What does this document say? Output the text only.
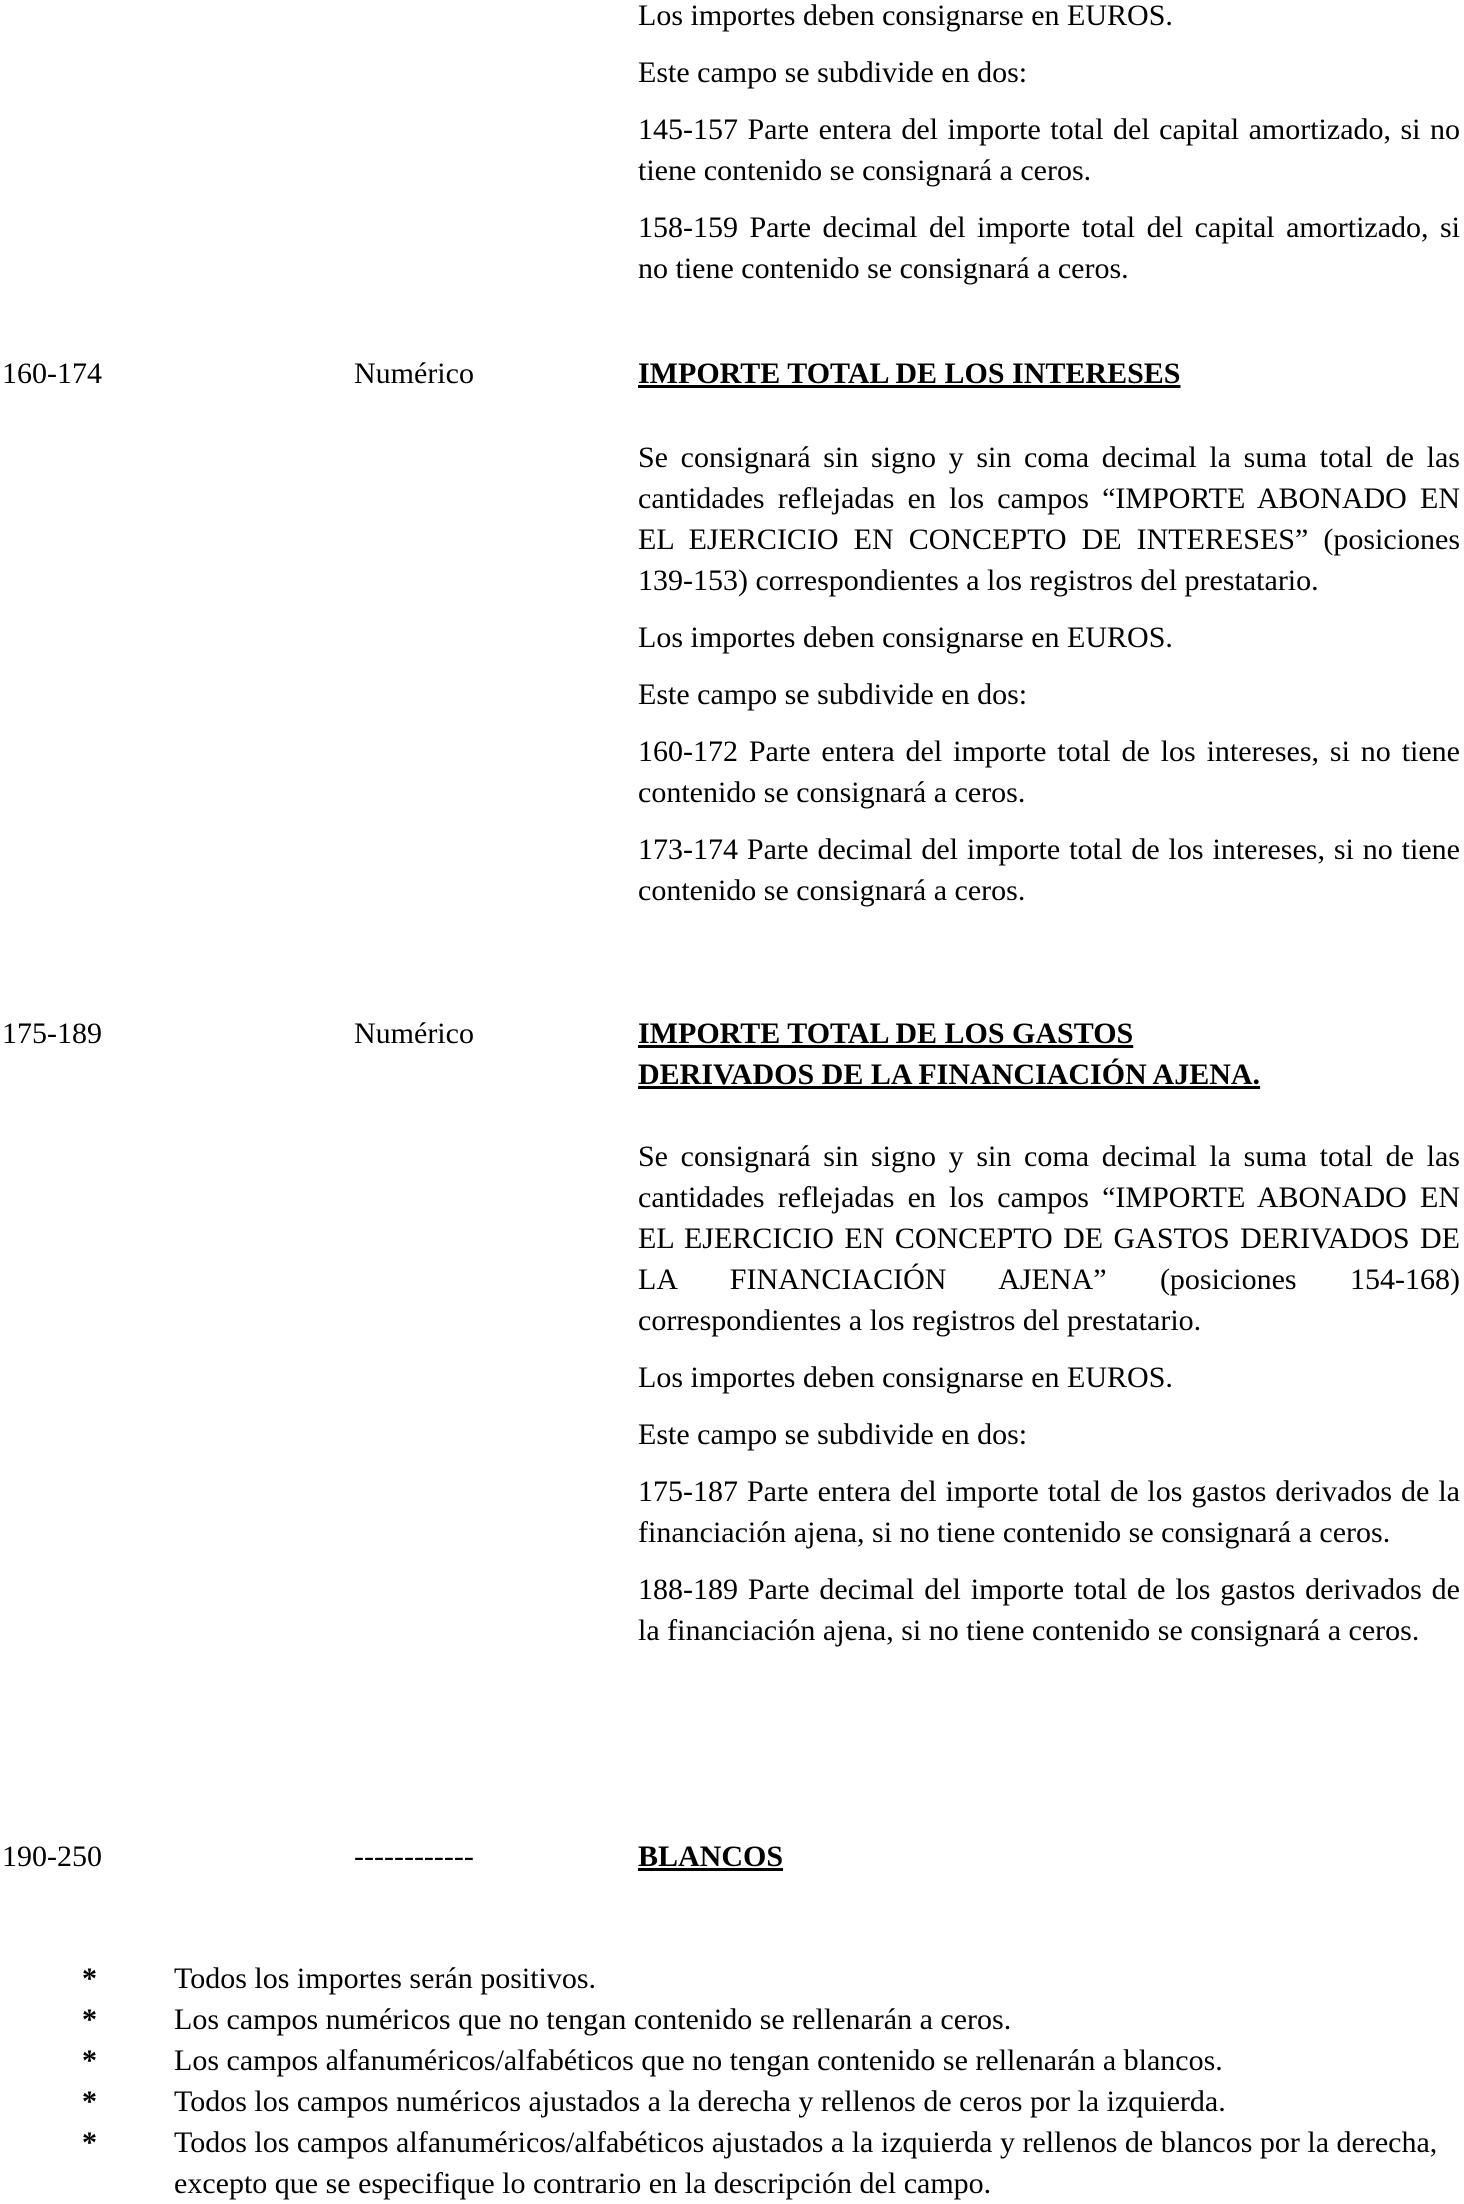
Los importes deben consignarse en EUROS.

Este campo se subdivide en dos:

145-157 Parte entera del importe total del capital amortizado, si no tiene contenido se consignará a ceros.

158-159 Parte decimal del importe total del capital amortizado, si no tiene contenido se consignará a ceros.

160-174	Numérico	IMPORTE TOTAL DE LOS INTERESES

Se consignará sin signo y sin coma decimal la suma total de las cantidades reflejadas en los campos “IMPORTE ABONADO EN EL EJERCICIO EN CONCEPTO DE INTERESES” (posiciones 139-153) correspondientes a los registros del prestatario.

Los importes deben consignarse en EUROS.

Este campo se subdivide en dos:

160-172 Parte entera del importe total de los intereses, si no tiene contenido se consignará a ceros.

173-174 Parte decimal del importe total de los intereses, si no tiene contenido se consignará a ceros.

175-189	Numérico	IMPORTE TOTAL DE LOS GASTOS
DERIVADOS DE LA FINANCIACIÓN AJENA.

Se consignará sin signo y sin coma decimal la suma total de las cantidades reflejadas en los campos “IMPORTE ABONADO EN EL EJERCICIO EN CONCEPTO DE GASTOS DERIVADOS DE LA FINANCIACIÓN AJENA” (posiciones 154-168) correspondientes a los registros del prestatario.

Los importes deben consignarse en EUROS.

Este campo se subdivide en dos:

175-187 Parte entera del importe total de los gastos derivados de la financiación ajena, si no tiene contenido se consignará a ceros.

188-189 Parte decimal del importe total de los gastos derivados de la financiación ajena, si no tiene contenido se consignará a ceros.

190-250	------------	BLANCOS
*	Todos los importes serán positivos.
*	Los campos numéricos que no tengan contenido se rellenarán a ceros.
*	Los campos alfanuméricos/alfabéticos que no tengan contenido se rellenarán a blancos.
*	Todos los campos numéricos ajustados a la derecha y rellenos de ceros por la izquierda.
*	Todos los campos alfanuméricos/alfabéticos ajustados a la izquierda y rellenos de blancos por la derecha, excepto que se especifique lo contrario en la descripción del campo.
